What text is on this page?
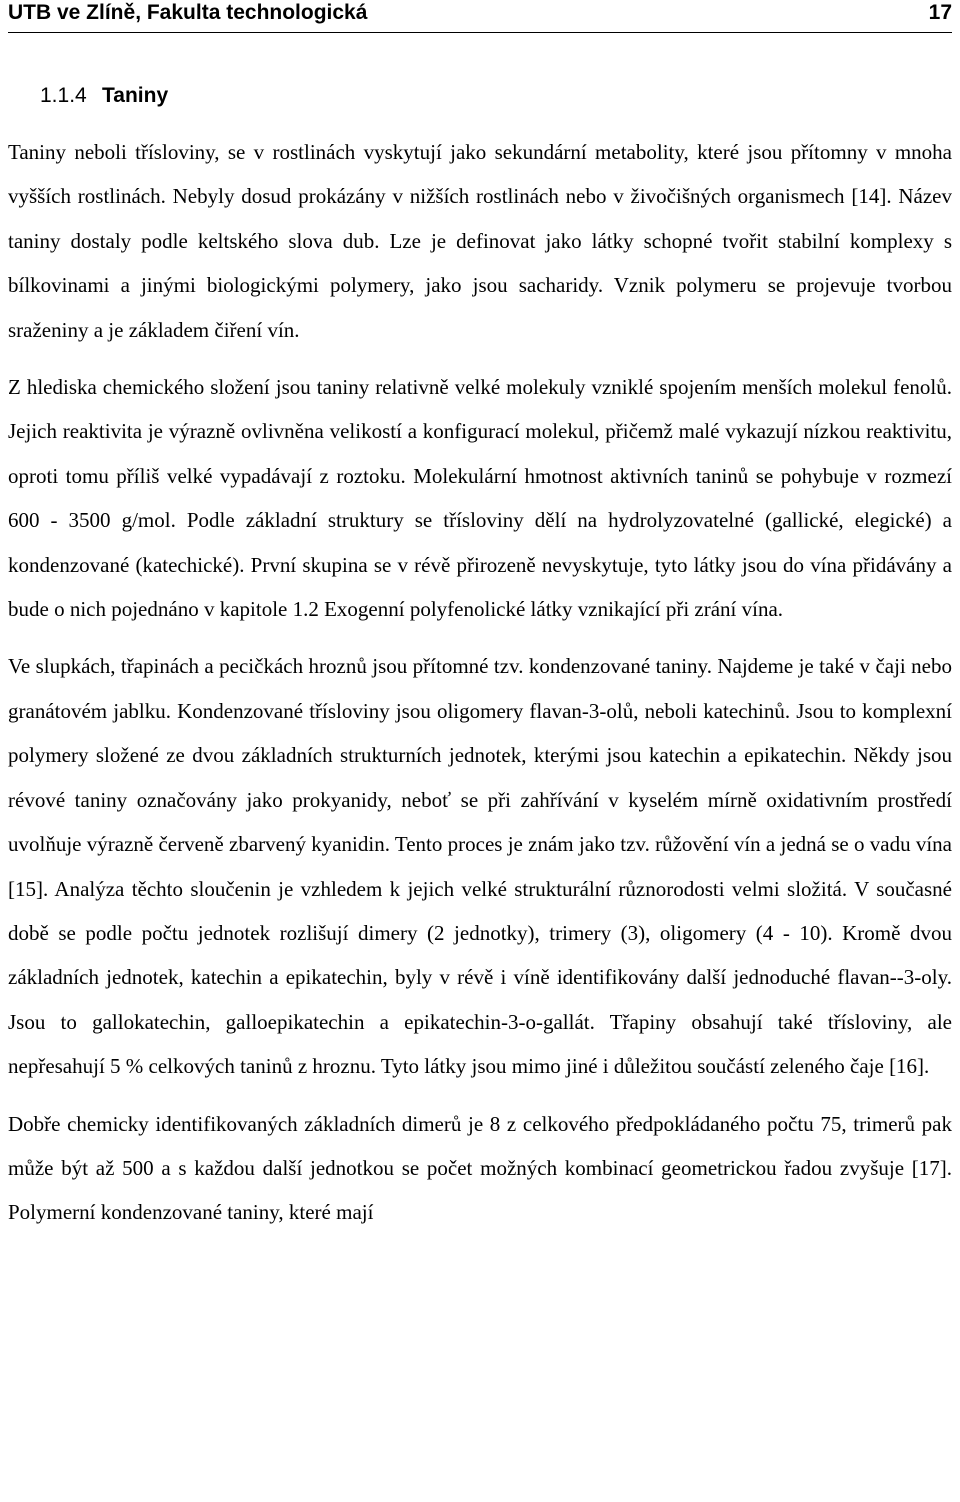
UTB ve Zlíně, Fakulta technologická	17
1.1.4 Taniny

Taniny neboli třísloviny, se v rostlinách vyskytují jako sekundární metabolity, které jsou přítomny v mnoha vyšších rostlinách. Nebyly dosud prokázány v nižších rostlinách nebo v živočišných organismech [14]. Název taniny dostaly podle keltského slova dub. Lze je definovat jako látky schopné tvořit stabilní komplexy s bílkovinami a jinými biologickými polymery, jako jsou sacharidy. Vznik polymeru se projevuje tvorbou sraženiny a je základem čiření vín.

Z hlediska chemického složení jsou taniny relativně velké molekuly vzniklé spojením menších molekul fenolů. Jejich reaktivita je výrazně ovlivněna velikostí a konfigurací molekul, přičemž malé vykazují nízkou reaktivitu, oproti tomu příliš velké vypadávají z roztoku. Molekulární hmotnost aktivních taninů se pohybuje v rozmezí 600 - 3500 g/mol. Podle základní struktury se třísloviny dělí na hydrolyzovatelné (gallické, elegické) a kondenzované (katechické). První skupina se v révě přirozeně nevyskytuje, tyto látky jsou do vína přidávány a bude o nich pojednáno v kapitole 1.2 Exogenní polyfenolické látky vznikající při zrání vína.

Ve slupkách, třapinách a pecičkách hroznů jsou přítomné tzv. kondenzované taniny. Najdeme je také v čaji nebo granátovém jablku. Kondenzované třísloviny jsou oligomery flavan-3-olů, neboli katechinů. Jsou to komplexní polymery složené ze dvou základních strukturních jednotek, kterými jsou katechin a epikatechin. Někdy jsou révové taniny označovány jako prokyanidy, neboť se při zahřívání v kyselém mírně oxidativním prostředí uvolňuje výrazně červeně zbarvený kyanidin. Tento proces je znám jako tzv. růžovění vín a jedná se o vadu vína [15]. Analýza těchto sloučenin je vzhledem k jejich velké strukturální různorodosti velmi složitá. V současné době se podle počtu jednotek rozlišují dimery (2 jednotky), trimery (3), oligomery (4 - 10). Kromě dvou základních jednotek, katechin a epikatechin, byly v révě i víně identifikovány další jednoduché flavan--3-oly. Jsou to gallokatechin, galloepikatechin a epikatechin-3-o-gallát. Třapiny obsahují také třísloviny, ale nepřesahují 5 % celkových taninů z hroznu. Tyto látky jsou mimo jiné i důležitou součástí zeleného čaje [16].

Dobře chemicky identifikovaných základních dimerů je 8 z celkového předpokládaného počtu 75, trimerů pak může být až 500 a s každou další jednotkou se počet možných kombinací geometrickou řadou zvyšuje [17]. Polymerní kondenzované taniny, které mají
